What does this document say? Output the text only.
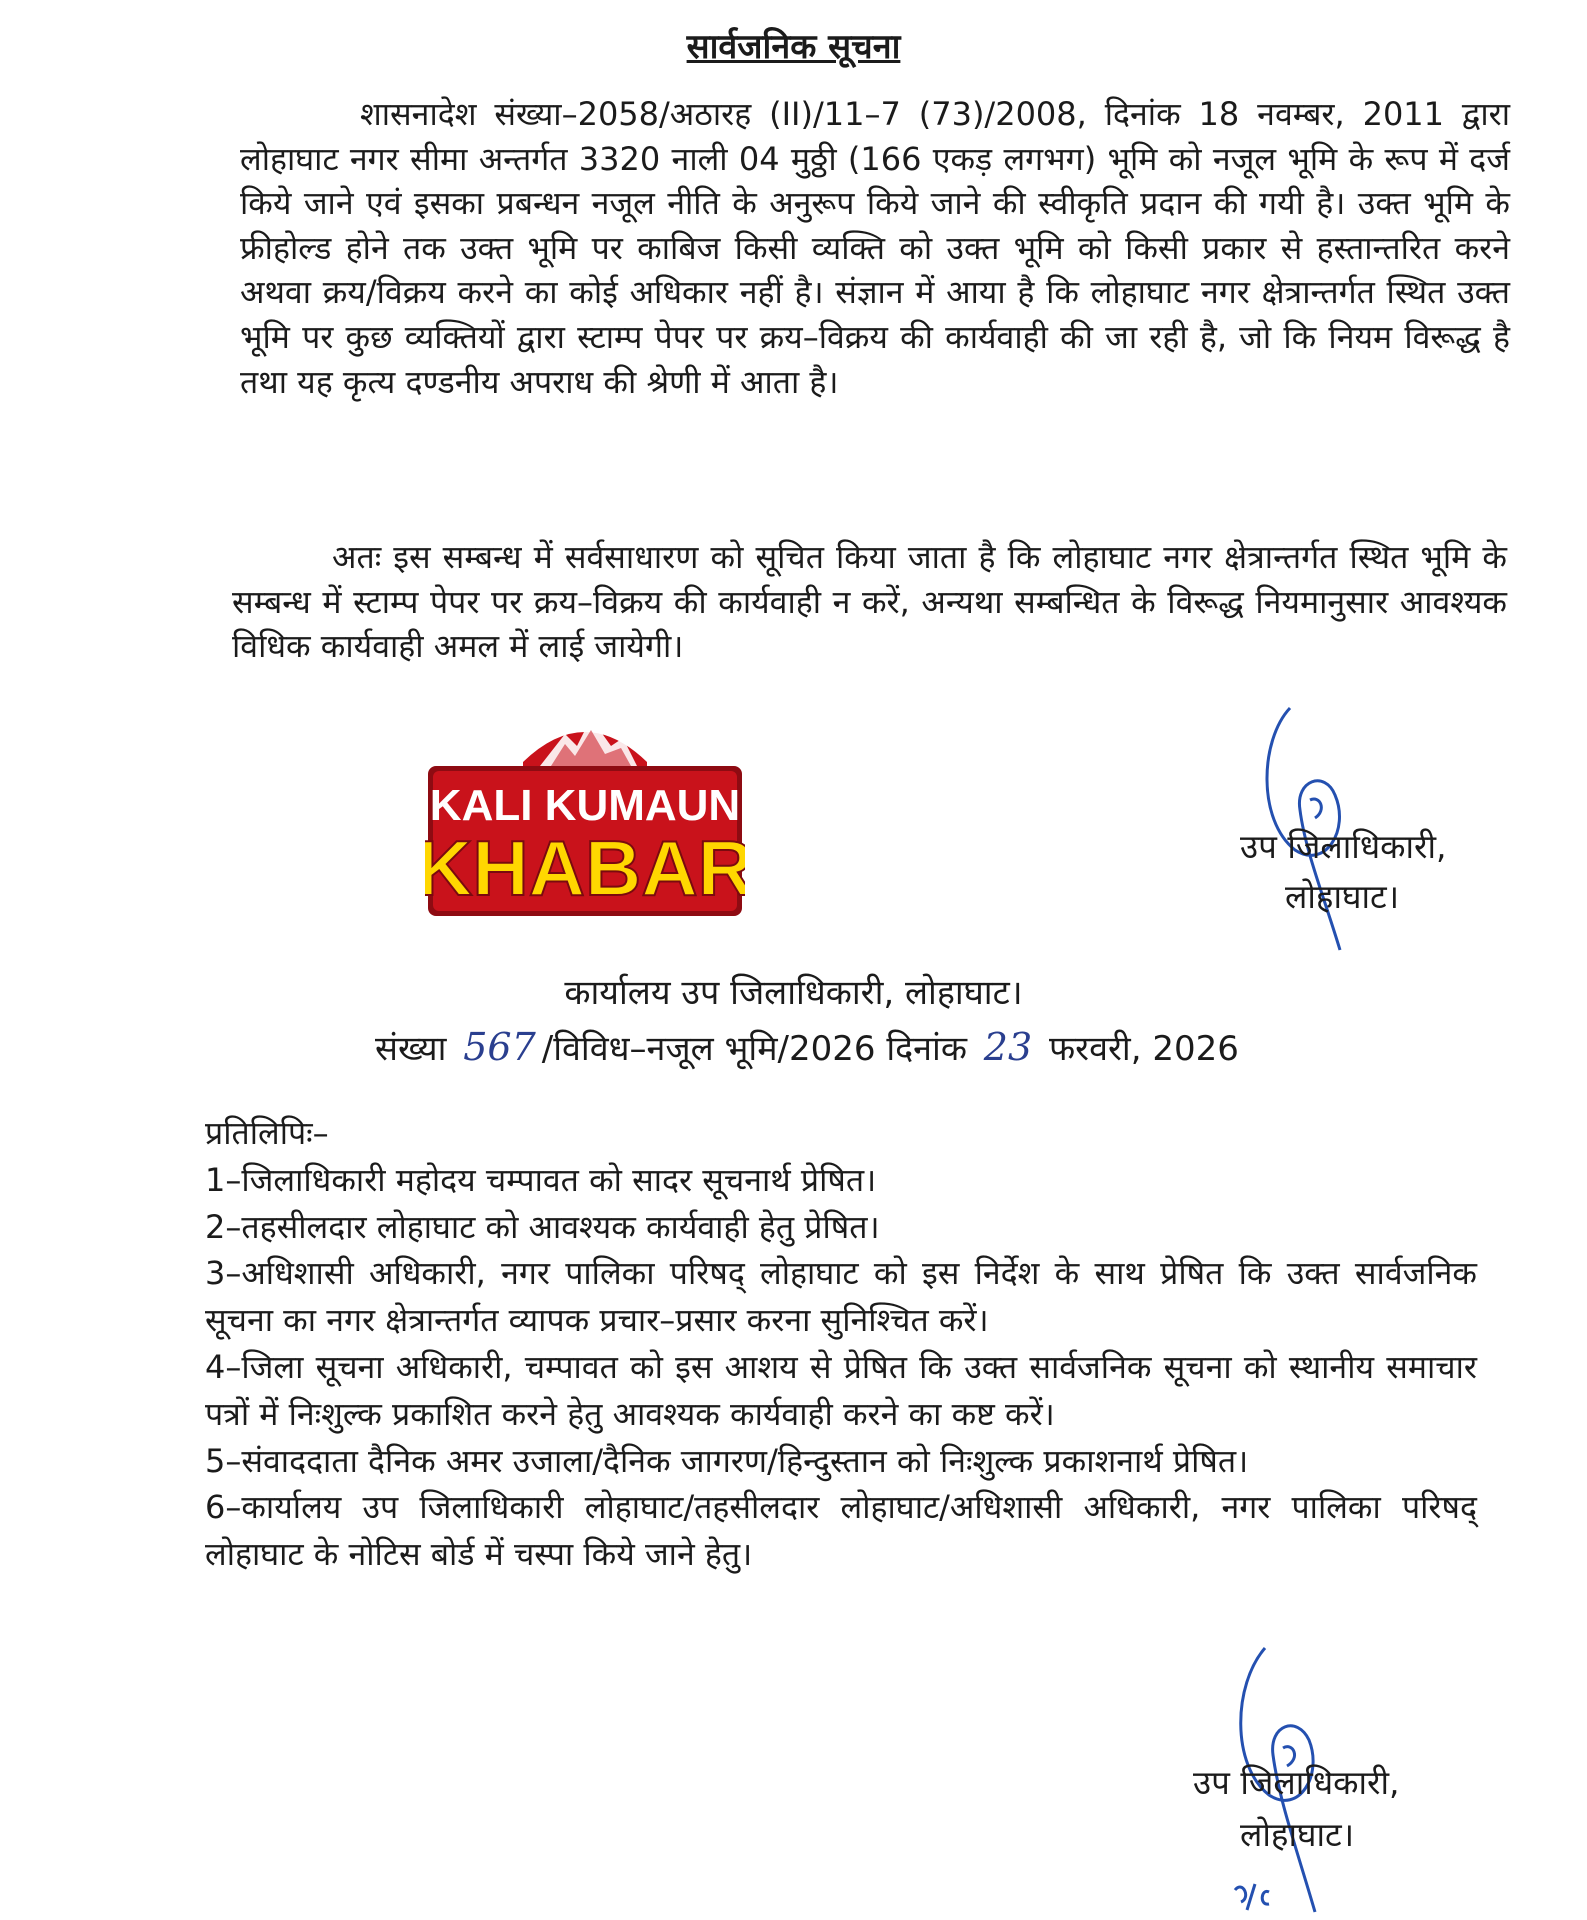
सार्वजनिक सूचना
शासनादेश संख्या–2058/अठारह (II)/11–7 (73)/2008, दिनांक 18 नवम्बर, 2011 द्वारा लोहाघाट नगर सीमा अन्तर्गत 3320 नाली 04 मुठ्ठी (166 एकड़ लगभग) भूमि को नजूल भूमि के रूप में दर्ज किये जाने एवं इसका प्रबन्धन नजूल नीति के अनुरूप किये जाने की स्वीकृति प्रदान की गयी है। उक्त भूमि के फ्रीहोल्ड होने तक उक्त भूमि पर काबिज किसी व्यक्ति को उक्त भूमि को किसी प्रकार से हस्तान्तरित करने अथवा क्रय/विक्रय करने का कोई अधिकार नहीं है। संज्ञान में आया है कि लोहाघाट नगर क्षेत्रान्तर्गत स्थित उक्त भूमि पर कुछ व्यक्तियों द्वारा स्टाम्प पेपर पर क्रय–विक्रय की कार्यवाही की जा रही है, जो कि नियम विरूद्ध है तथा यह कृत्य दण्डनीय अपराध की श्रेणी में आता है।
अतः इस सम्बन्ध में सर्वसाधारण को सूचित किया जाता है कि लोहाघाट नगर क्षेत्रान्तर्गत स्थित भूमि के सम्बन्ध में स्टाम्प पेपर पर क्रय–विक्रय की कार्यवाही न करें, अन्यथा सम्बन्धित के विरूद्ध नियमानुसार आवश्यक विधिक कार्यवाही अमल में लाई जायेगी।
KALI KUMAUN
KHABAR	उप जिलाधिकारी,
लोहाघाट।
कार्यालय उप जिलाधिकारी, लोहाघाट।
संख्या 567 /विविध–नजूल भूमि/2026 दिनांक 23 फरवरी, 2026
प्रतिलिपिः–
1–जिलाधिकारी महोदय चम्पावत को सादर सूचनार्थ प्रेषित।
2–तहसीलदार लोहाघाट को आवश्यक कार्यवाही हेतु प्रेषित।
3–अधिशासी अधिकारी, नगर पालिका परिषद् लोहाघाट को इस निर्देश के साथ प्रेषित कि उक्त सार्वजनिक सूचना का नगर क्षेत्रान्तर्गत व्यापक प्रचार–प्रसार करना सुनिश्चित करें।
4–जिला सूचना अधिकारी, चम्पावत को इस आशय से प्रेषित कि उक्त सार्वजनिक सूचना को स्थानीय समाचार पत्रों में निःशुल्क प्रकाशित करने हेतु आवश्यक कार्यवाही करने का कष्ट करें।
5–संवाददाता दैनिक अमर उजाला/दैनिक जागरण/हिन्दुस्तान को निःशुल्क प्रकाशनार्थ प्रेषित।
6–कार्यालय उप जिलाधिकारी लोहाघाट/तहसीलदार लोहाघाट/अधिशासी अधिकारी, नगर पालिका परिषद् लोहाघाट के नोटिस बोर्ड में चस्पा किये जाने हेतु।
उप जिलाधिकारी,
लोहाघाट।
